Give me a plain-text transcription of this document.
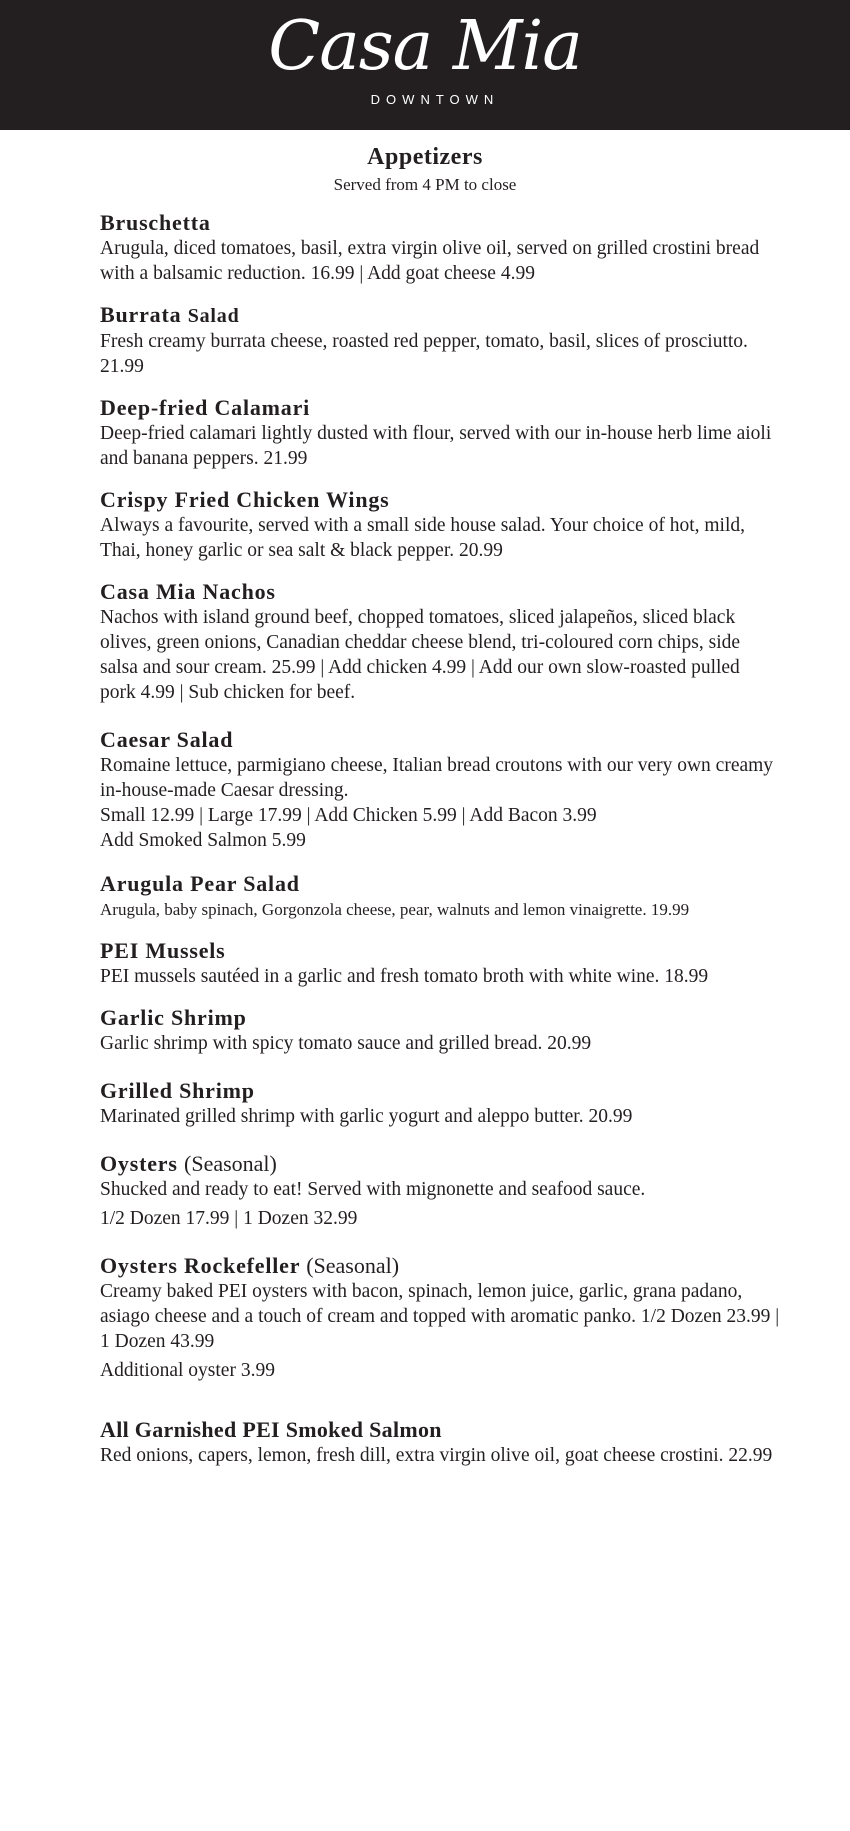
Casa Mia
DOWNTOWN
Appetizers
Served from 4 PM to close
Bruschetta
Arugula, diced tomatoes, basil, extra virgin olive oil, served on grilled crostini bread with a balsamic reduction. 16.99 | Add goat cheese 4.99
Burrata Salad
Fresh creamy burrata cheese, roasted red pepper, tomato, basil, slices of prosciutto. 21.99
Deep-fried Calamari
Deep-fried calamari lightly dusted with flour, served with our in-house herb lime aioli and banana peppers. 21.99
Crispy Fried Chicken Wings
Always a favourite, served with a small side house salad. Your choice of hot, mild, Thai, honey garlic or sea salt & black pepper. 20.99
Casa Mia Nachos
Nachos with island ground beef, chopped tomatoes, sliced jalapeños, sliced black olives, green onions, Canadian cheddar cheese blend, tri-coloured corn chips, side salsa and sour cream. 25.99 | Add chicken 4.99 | Add our own slow-roasted pulled pork 4.99 | Sub chicken for beef.
Caesar Salad
Romaine lettuce, parmigiano cheese, Italian bread croutons with our very own creamy in-house-made Caesar dressing.
Small 12.99 | Large 17.99 | Add Chicken 5.99 | Add Bacon 3.99
Add Smoked Salmon 5.99
Arugula Pear Salad
Arugula, baby spinach, Gorgonzola cheese, pear, walnuts and lemon vinaigrette. 19.99
PEI Mussels
PEI mussels sautéed in a garlic and fresh tomato broth with white wine. 18.99
Garlic Shrimp
Garlic shrimp with spicy tomato sauce and grilled bread. 20.99
Grilled Shrimp
Marinated grilled shrimp with garlic yogurt and aleppo butter. 20.99
Oysters (Seasonal)
Shucked and ready to eat! Served with mignonette and seafood sauce.
1/2 Dozen 17.99 | 1 Dozen 32.99
Oysters Rockefeller (Seasonal)
Creamy baked PEI oysters with bacon, spinach, lemon juice, garlic, grana padano, asiago cheese and a touch of cream and topped with aromatic panko. 1/2 Dozen 23.99 | 1 Dozen 43.99
Additional oyster 3.99
All Garnished PEI Smoked Salmon
Red onions, capers, lemon, fresh dill, extra virgin olive oil, goat cheese crostini. 22.99
